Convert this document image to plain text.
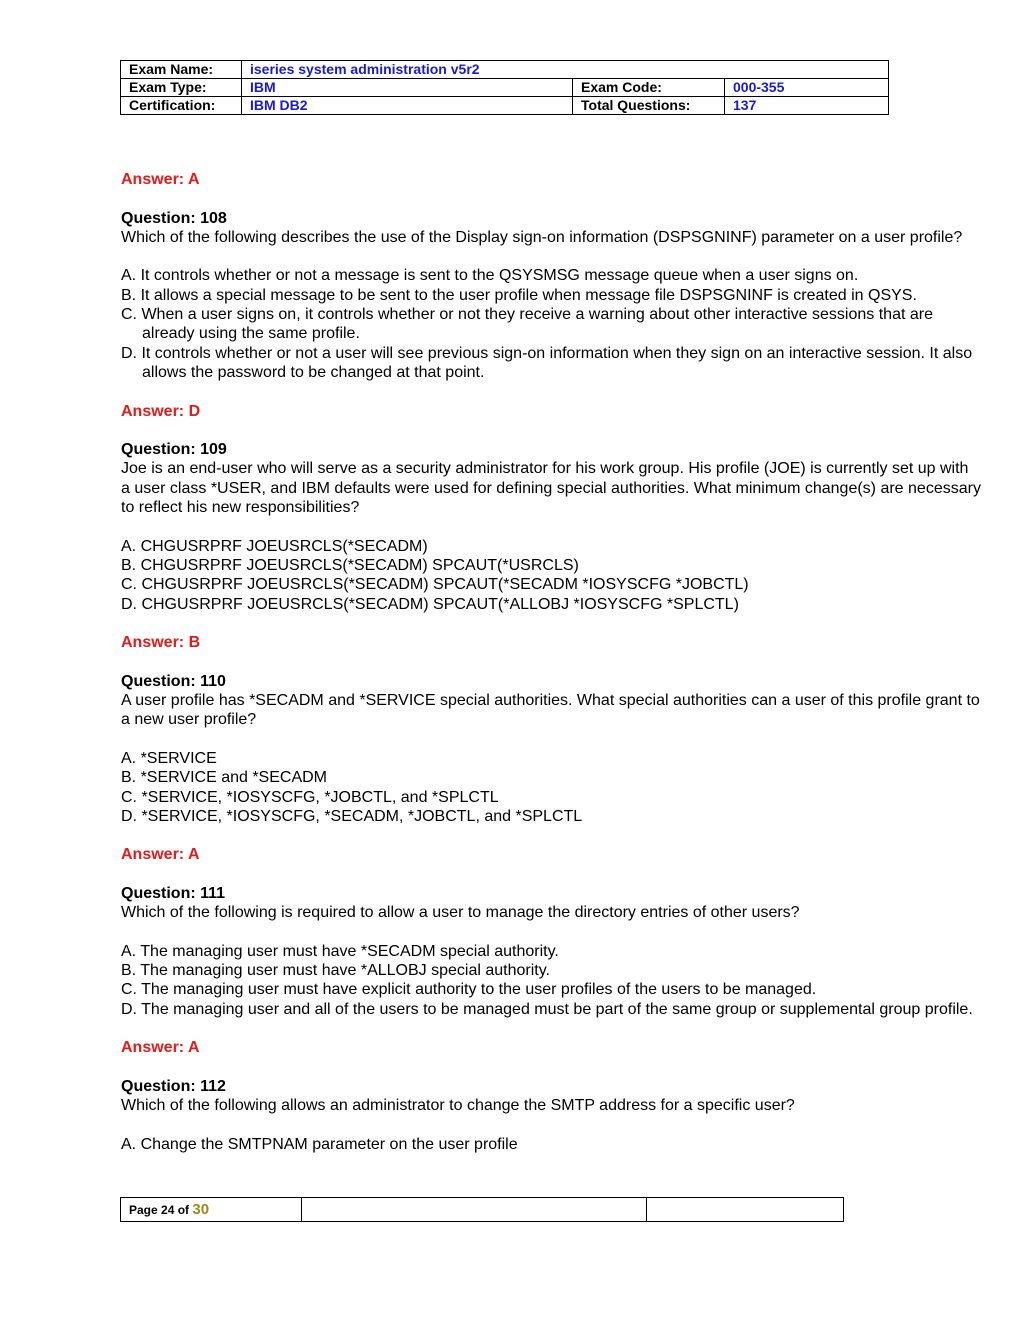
Exam Name:	iseries system administration v5r2		
Exam Type:	IBM	Exam Code:	000-355
Certification:	IBM DB2	Total Questions:	137

Answer: A

Question: 108

Which of the following describes the use of the Display sign-on information (DSPSGNINF) parameter on a user profile?

A. It controls whether or not a message is sent to the QSYSMSG message queue when a user signs on.

B. It allows a special message to be sent to the user profile when message file DSPSGNINF is created in QSYS.

C. When a user signs on, it controls whether or not they receive a warning about other interactive sessions that are already using the same profile.

D. It controls whether or not a user will see previous sign-on information when they sign on an interactive session. It also allows the password to be changed at that point.

Answer: D

Question: 109

Joe is an end-user who will serve as a security administrator for his work group. His profile (JOE) is currently set up with a user class *USER, and IBM defaults were used for defining special authorities. What minimum change(s) are necessary to reflect his new responsibilities?

A. CHGUSRPRF JOEUSRCLS(*SECADM)

B. CHGUSRPRF JOEUSRCLS(*SECADM) SPCAUT(*USRCLS)

C. CHGUSRPRF JOEUSRCLS(*SECADM) SPCAUT(*SECADM *IOSYSCFG *JOBCTL)

D. CHGUSRPRF JOEUSRCLS(*SECADM) SPCAUT(*ALLOBJ *IOSYSCFG *SPLCTL)

Answer: B

Question: 110

A user profile has *SECADM and *SERVICE special authorities. What special authorities can a user of this profile grant to a new user profile?

A. *SERVICE

B. *SERVICE and *SECADM

C. *SERVICE, *IOSYSCFG, *JOBCTL, and *SPLCTL

D. *SERVICE, *IOSYSCFG, *SECADM, *JOBCTL, and *SPLCTL

Answer: A

Question: 111

Which of the following is required to allow a user to manage the directory entries of other users?

A. The managing user must have *SECADM special authority.

B. The managing user must have *ALLOBJ special authority.

C. The managing user must have explicit authority to the user profiles of the users to be managed.

D. The managing user and all of the users to be managed must be part of the same group or supplemental group profile.

Answer: A

Question: 112

Which of the following allows an administrator to change the SMTP address for a specific user?

A. Change the SMTPNAM parameter on the user profile

Page 24 of 30		
